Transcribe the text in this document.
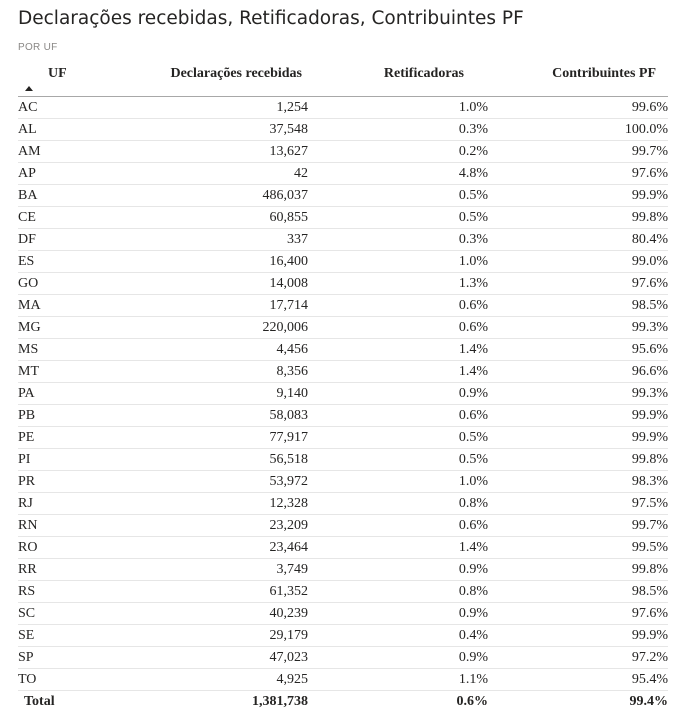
Declarações recebidas, Retificadoras, Contribuintes PF
POR UF
UF	Declarações recebidas	Retificadoras	Contribuintes PF

AC	1,254	1.0%	99.6%
AL	37,548	0.3%	100.0%
AM	13,627	0.2%	99.7%
AP	42	4.8%	97.6%
BA	486,037	0.5%	99.9%
CE	60,855	0.5%	99.8%
DF	337	0.3%	80.4%
ES	16,400	1.0%	99.0%
GO	14,008	1.3%	97.6%
MA	17,714	0.6%	98.5%
MG	220,006	0.6%	99.3%
MS	4,456	1.4%	95.6%
MT	8,356	1.4%	96.6%
PA	9,140	0.9%	99.3%
PB	58,083	0.6%	99.9%
PE	77,917	0.5%	99.9%
PI	56,518	0.5%	99.8%
PR	53,972	1.0%	98.3%
RJ	12,328	0.8%	97.5%
RN	23,209	0.6%	99.7%
RO	23,464	1.4%	99.5%
RR	3,749	0.9%	99.8%
RS	61,352	0.8%	98.5%
SC	40,239	0.9%	97.6%
SE	29,179	0.4%	99.9%
SP	47,023	0.9%	97.2%
TO	4,925	1.1%	95.4%
Total	1,381,738	0.6%	99.4%
